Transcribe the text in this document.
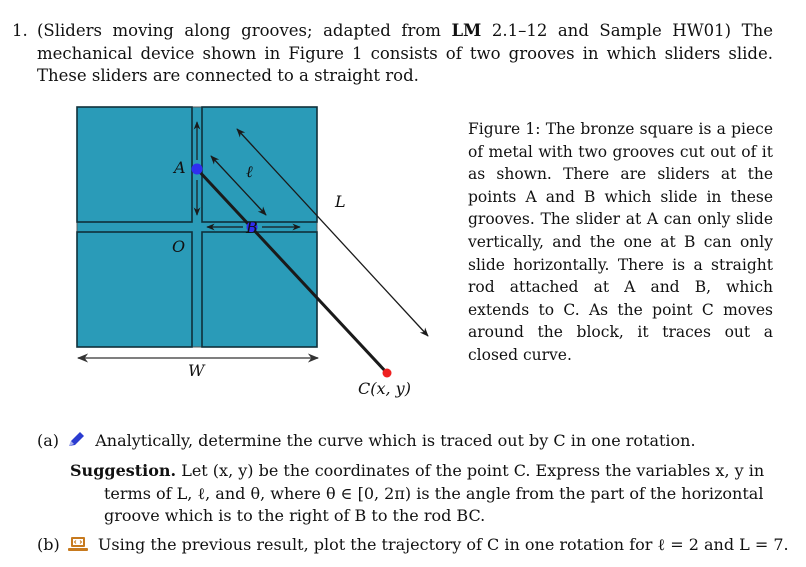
1. (Sliders moving along grooves; adapted from LM 2.1–12 and Sample HW01) The mechanical device shown in Figure 1 consists of two grooves in which sliders slide. These sliders are connected to a straight rod.
A
B
O
ℓ
L
W
C(x, y)
Figure 1: The bronze square is a piece of metal with two grooves cut out of it as shown. There are sliders at the points A and B which slide in these grooves. The slider at A can only slide vertically, and the one at B can only slide horizontally. There is a straight rod attached at A and B, which extends to C. As the point C moves around the block, it traces out a closed curve.
(a) Analytically, determine the curve which is traced out by C in one rotation.
Suggestion. Let (x, y) be the coordinates of the point C. Express the variables x, y in
terms of L, ℓ, and θ, where θ ∈ [0, 2π) is the angle from the part of the horizontal
groove which is to the right of B to the rod BC.
(b) Using the previous result, plot the trajectory of C in one rotation for ℓ = 2 and L = 7.
